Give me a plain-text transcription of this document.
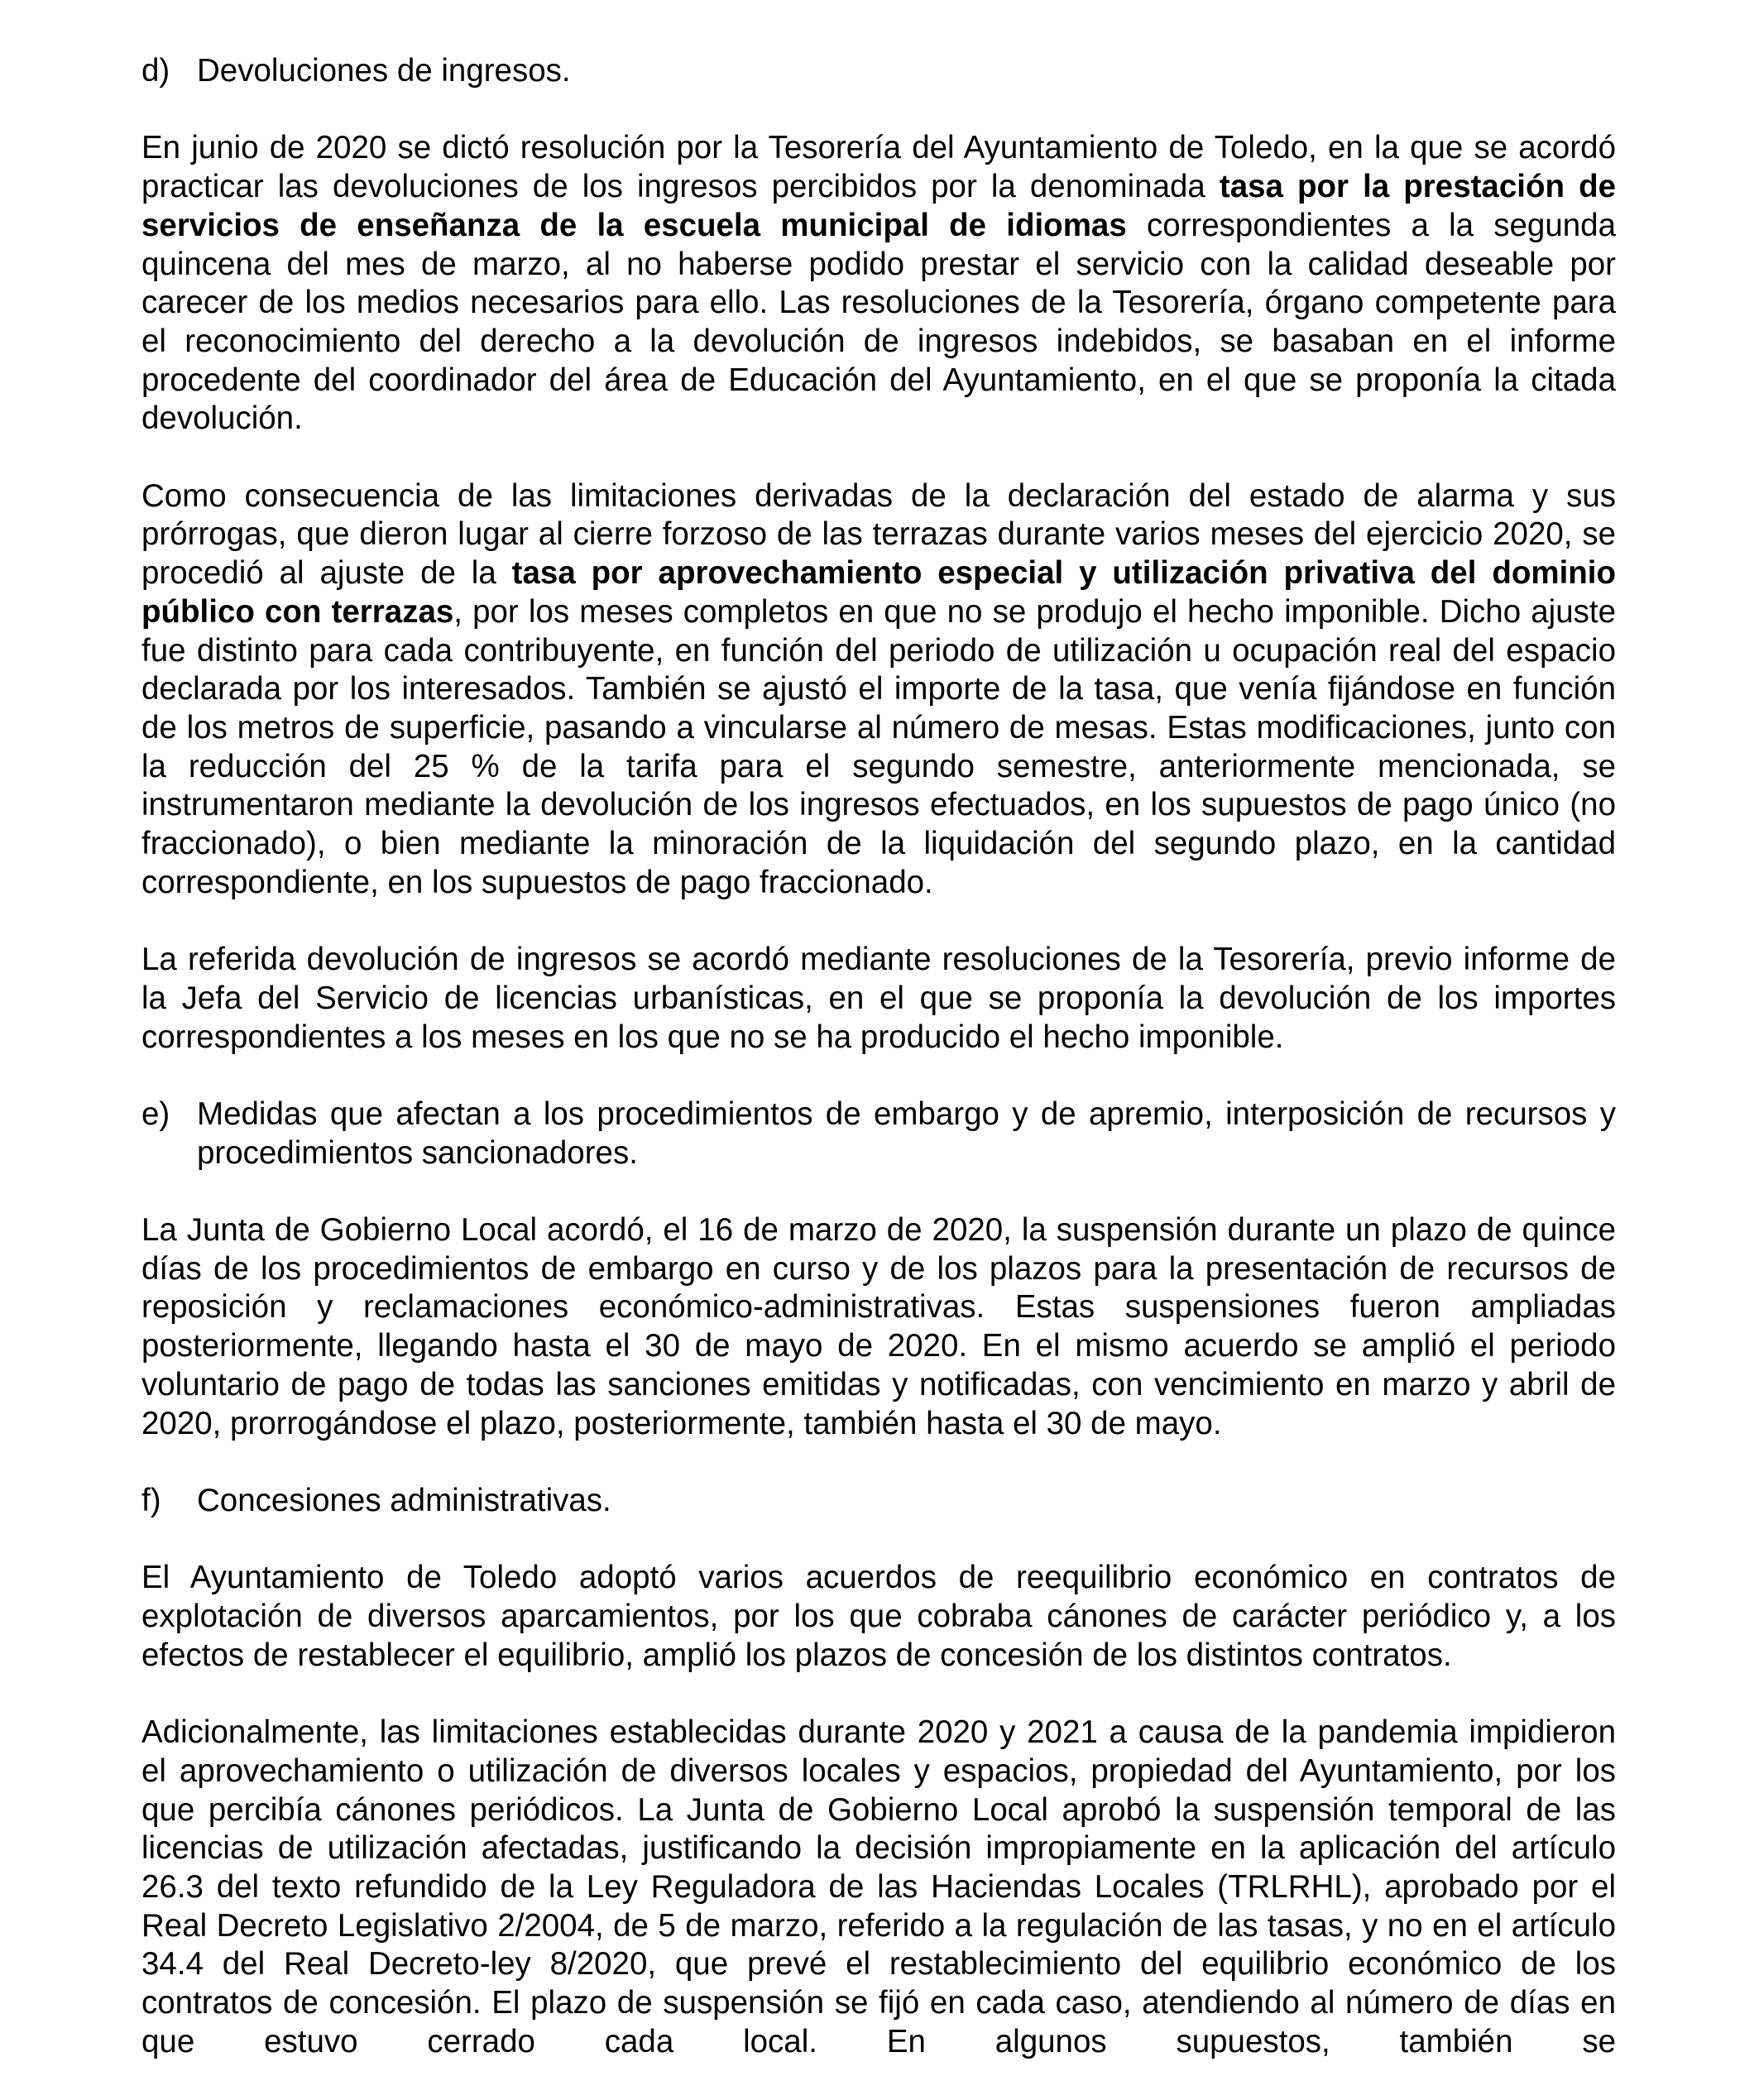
d) Devoluciones de ingresos.

En junio de 2020 se dictó resolución por la Tesorería del Ayuntamiento de Toledo, en la que se acordó practicar las devoluciones de los ingresos percibidos por la denominada tasa por la prestación de servicios de enseñanza de la escuela municipal de idiomas correspondientes a la segunda quincena del mes de marzo, al no haberse podido prestar el servicio con la calidad deseable por carecer de los medios necesarios para ello. Las resoluciones de la Tesorería, órgano competente para el reconocimiento del derecho a la devolución de ingresos indebidos, se basaban en el informe procedente del coordinador del área de Educación del Ayuntamiento, en el que se proponía la citada devolución.

Como consecuencia de las limitaciones derivadas de la declaración del estado de alarma y sus prórrogas, que dieron lugar al cierre forzoso de las terrazas durante varios meses del ejercicio 2020, se procedió al ajuste de la tasa por aprovechamiento especial y utilización privativa del dominio público con terrazas, por los meses completos en que no se produjo el hecho imponible. Dicho ajuste fue distinto para cada contribuyente, en función del periodo de utilización u ocupación real del espacio declarada por los interesados. También se ajustó el importe de la tasa, que venía fijándose en función de los metros de superficie, pasando a vincularse al número de mesas. Estas modificaciones, junto con la reducción del 25 % de la tarifa para el segundo semestre, anteriormente mencionada, se instrumentaron mediante la devolución de los ingresos efectuados, en los supuestos de pago único (no fraccionado), o bien mediante la minoración de la liquidación del segundo plazo, en la cantidad correspondiente, en los supuestos de pago fraccionado.

La referida devolución de ingresos se acordó mediante resoluciones de la Tesorería, previo informe de la Jefa del Servicio de licencias urbanísticas, en el que se proponía la devolución de los importes correspondientes a los meses en los que no se ha producido el hecho imponible.

e) Medidas que afectan a los procedimientos de embargo y de apremio, interposición de recursos y procedimientos sancionadores.

La Junta de Gobierno Local acordó, el 16 de marzo de 2020, la suspensión durante un plazo de quince días de los procedimientos de embargo en curso y de los plazos para la presentación de recursos de reposición y reclamaciones económico-administrativas. Estas suspensiones fueron ampliadas posteriormente, llegando hasta el 30 de mayo de 2020. En el mismo acuerdo se amplió el periodo voluntario de pago de todas las sanciones emitidas y notificadas, con vencimiento en marzo y abril de 2020, prorrogándose el plazo, posteriormente, también hasta el 30 de mayo.

f)	Concesiones administrativas.

El Ayuntamiento de Toledo adoptó varios acuerdos de reequilibrio económico en contratos de explotación de diversos aparcamientos, por los que cobraba cánones de carácter periódico y, a los efectos de restablecer el equilibrio, amplió los plazos de concesión de los distintos contratos.

Adicionalmente, las limitaciones establecidas durante 2020 y 2021 a causa de la pandemia impidieron el aprovechamiento o utilización de diversos locales y espacios, propiedad del Ayuntamiento, por los que percibía cánones periódicos. La Junta de Gobierno Local aprobó la suspensión temporal de las licencias de utilización afectadas, justificando la decisión impropiamente en la aplicación del artículo 26.3 del texto refundido de la Ley Reguladora de las Haciendas Locales (TRLRHL), aprobado por el Real Decreto Legislativo 2/2004, de 5 de marzo, referido a la regulación de las tasas, y no en el artículo 34.4 del Real Decreto-ley 8/2020, que prevé el restablecimiento del equilibrio económico de los contratos de concesión. El plazo de suspensión se fijó en cada caso, atendiendo al número de días en que estuvo cerrado cada local. En algunos supuestos, también se
